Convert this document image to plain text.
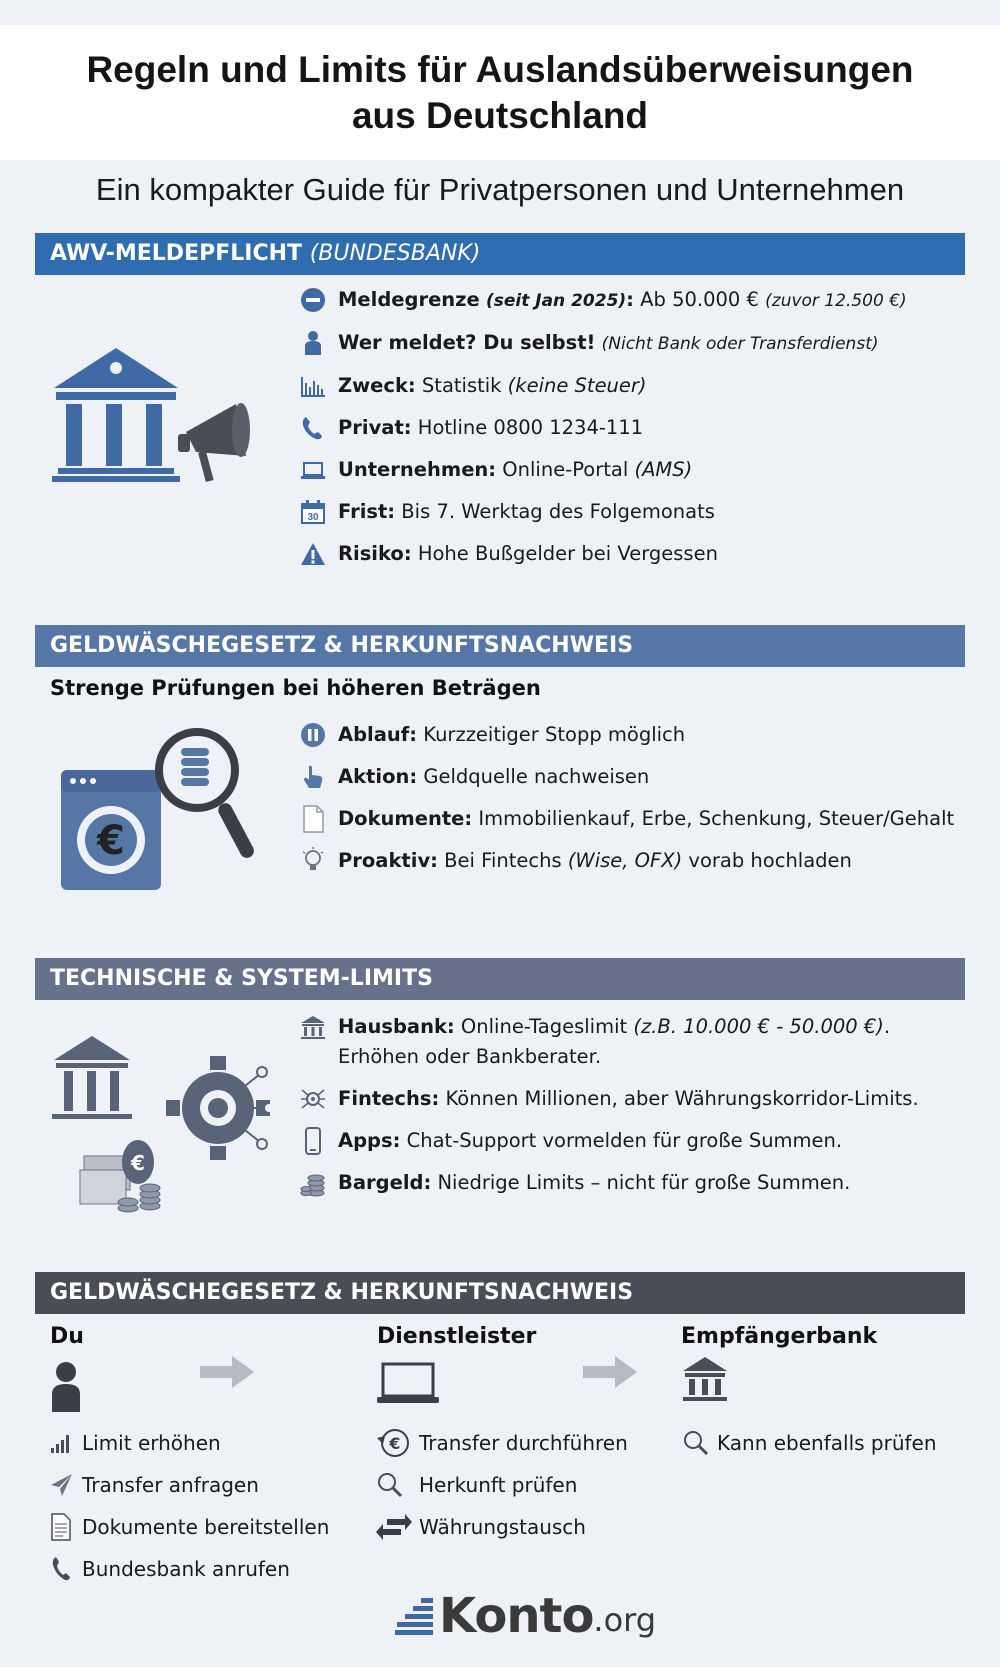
Regeln und Limits für Auslandsüberweisungen
aus Deutschland
Ein kompakter Guide für Privatpersonen und Unternehmen
AWV-MELDEPFLICHT (BUNDESBANK)
Meldegrenze (seit Jan 2025): Ab 50.000 € (zuvor 12.500 €)
Wer meldet? Du selbst! (Nicht Bank oder Transferdienst)
Zweck: Statistik (keine Steuer)
Privat: Hotline 0800 1234-111
Unternehmen: Online-Portal (AMS)
30 Frist: Bis 7. Werktag des Folgemonats
Risiko: Hohe Bußgelder bei Vergessen
GELDWÄSCHEGESETZ & HERKUNFTSNACHWEIS
Strenge Prüfungen bei höheren Beträgen
€
Ablauf: Kurzzeitiger Stopp möglich
Aktion: Geldquelle nachweisen
Dokumente: Immobilienkauf, Erbe, Schenkung, Steuer/Gehalt
Proaktiv: Bei Fintechs (Wise, OFX) vorab hochladen
TECHNISCHE & SYSTEM-LIMITS
€
Hausbank: Online-Tageslimit (z.B. 10.000 € - 50.000 €). Erhöhen oder Bankberater.
Fintechs: Können Millionen, aber Währungskorridor-Limits.
Apps: Chat-Support vormelden für große Summen.
Bargeld: Niedrige Limits – nicht für große Summen.
GELDWÄSCHEGESETZ & HERKUNFTSNACHWEIS
Du	Dienstleister	Empfängerbank
Limit erhöhen
Transfer anfragen
Dokumente bereitstellen
Bundesbank anrufen
€ Transfer durchführen
Herkunft prüfen
Währungstausch
Kann ebenfalls prüfen
Konto .org
